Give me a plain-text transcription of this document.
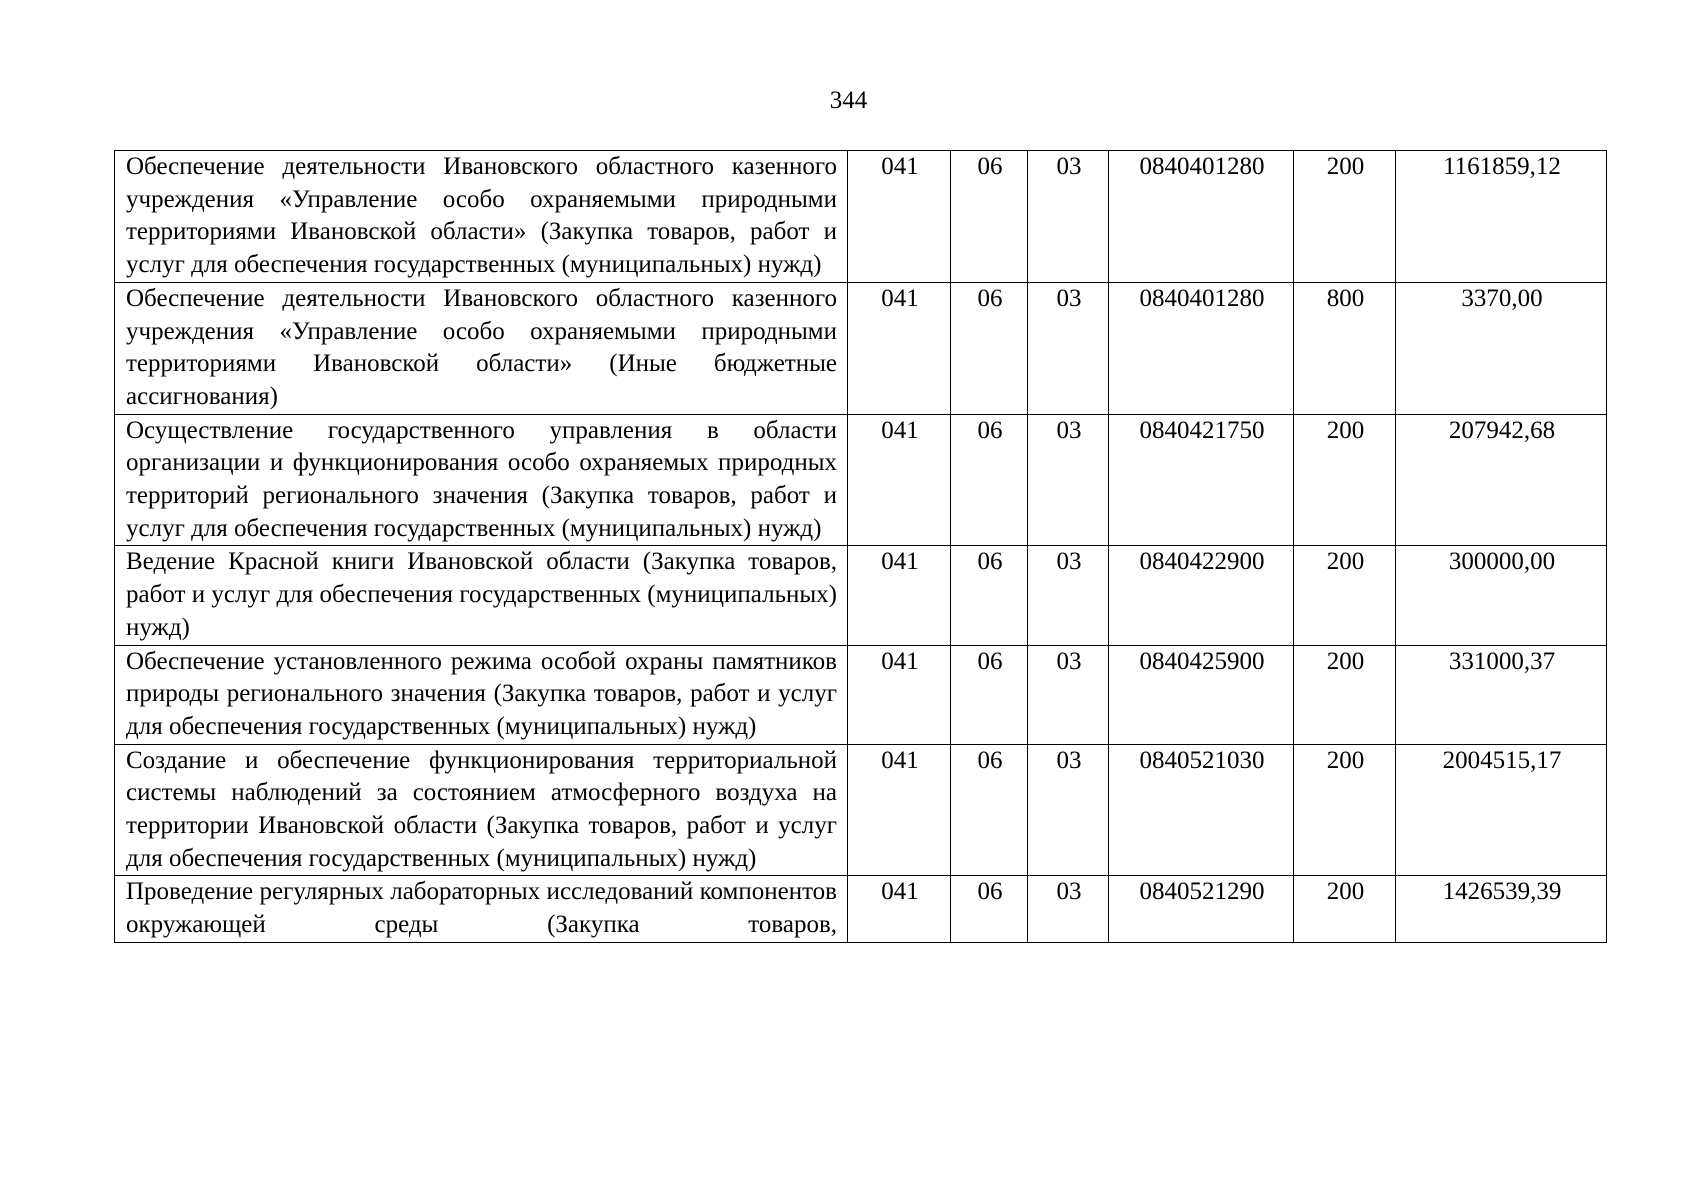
344
Обеспечение деятельности Ивановского областного казенного учреждения «Управление особо охраняемыми природными территориями Ивановской области» (Закупка товаров, работ и услуг для обеспечения государственных (муниципальных) нужд)	041	06	03	0840401280	200	1161859,12
Обеспечение деятельности Ивановского областного казенного учреждения «Управление особо охраняемыми природными территориями Ивановской области» (Иные бюджетные ассигнования)	041	06	03	0840401280	800	3370,00
Осуществление государственного управления в области организации и функционирования особо охраняемых природных территорий регионального значения (Закупка товаров, работ и услуг для обеспечения государственных (муниципальных) нужд)	041	06	03	0840421750	200	207942,68
Ведение Красной книги Ивановской области (Закупка товаров, работ и услуг для обеспечения государственных (муниципальных) нужд)	041	06	03	0840422900	200	300000,00
Обеспечение установленного режима особой охраны памятников природы регионального значения (Закупка товаров, работ и услуг для обеспечения государственных (муниципальных) нужд)	041	06	03	0840425900	200	331000,37
Создание и обеспечение функционирования территориальной системы наблюдений за состоянием атмосферного воздуха на территории Ивановской области (Закупка товаров, работ и услуг для обеспечения государственных (муниципальных) нужд)	041	06	03	0840521030	200	2004515,17
Проведение регулярных лабораторных исследований компонентов окружающей среды (Закупка товаров,	041	06	03	0840521290	200	1426539,39
